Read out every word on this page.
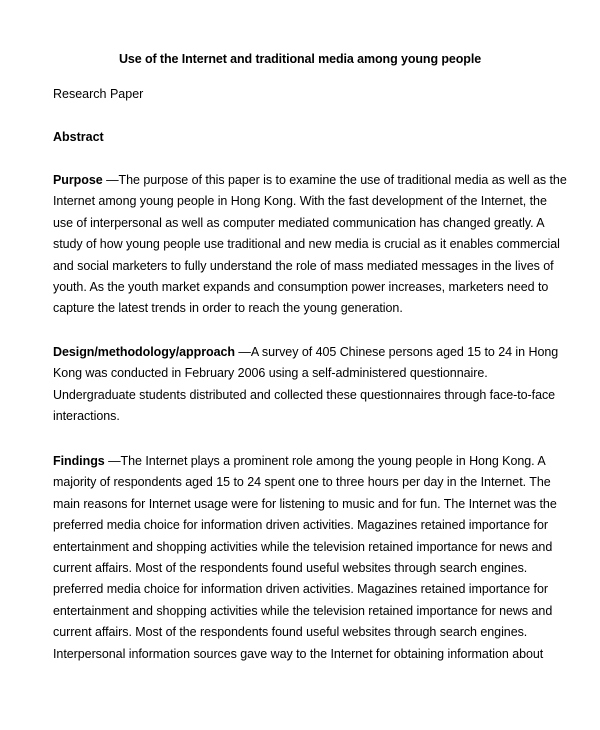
Use of the Internet and traditional media among young people
Research Paper
Abstract
Purpose —The purpose of this paper is to examine the use of traditional media as well as the
Internet among young people in Hong Kong. With the fast development of the Internet, the
use of interpersonal as well as computer mediated communication has changed greatly. A
study of how young people use traditional and new media is crucial as it enables commercial
and social marketers to fully understand the role of mass mediated messages in the lives of
youth. As the youth market expands and consumption power increases, marketers need to
capture the latest trends in order to reach the young generation.
Design/methodology/approach —A survey of 405 Chinese persons aged 15 to 24 in Hong
Kong was conducted in February 2006 using a self-administered questionnaire.
Undergraduate students distributed and collected these questionnaires through face-to-face
interactions.
Findings —The Internet plays a prominent role among the young people in Hong Kong. A
majority of respondents aged 15 to 24 spent one to three hours per day in the Internet. The
main reasons for Internet usage were for listening to music and for fun. The Internet was the
preferred media choice for information driven activities. Magazines retained importance for
entertainment and shopping activities while the television retained importance for news and
current affairs. Most of the respondents found useful websites through search engines.
preferred media choice for information driven activities. Magazines retained importance for
entertainment and shopping activities while the television retained importance for news and
current affairs. Most of the respondents found useful websites through search engines.
Interpersonal information sources gave way to the Internet for obtaining information about
